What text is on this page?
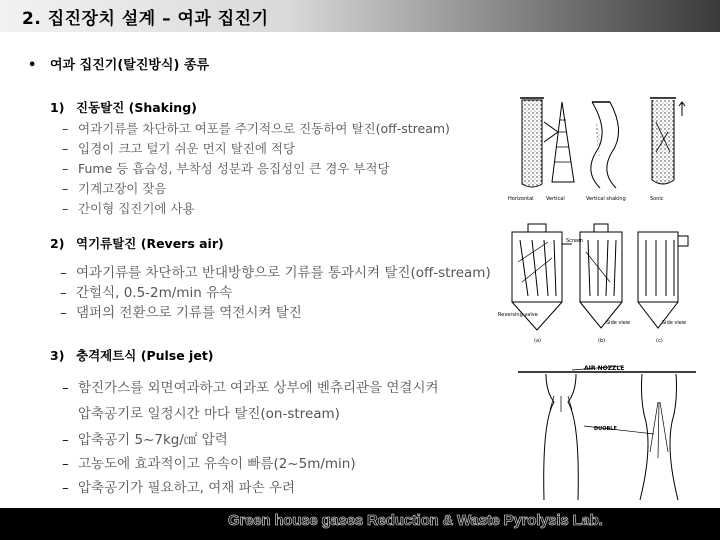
2. 집진장치 설계 – 여과 집진기
• 여과 집진기(탈진방식) 종류
1) 진동탈진 (Shaking)
– 여과기류를 차단하고 여포를 주기적으로 진동하여 탈진(off-stream)
– 입경이 크고 털기 쉬운 먼지 탈진에 적당
– Fume 등 흡습성, 부착성 성분과 응집성인 큰 경우 부적당
– 기계고장이 잦음
– 간이형 집진기에 사용
2) 역기류탈진 (Revers air)
– 여과기류를 차단하고 반대방향으로 기류를 통과시켜 탈진(off-stream)
– 간헐식, 0.5-2m/min 유속
– 댐퍼의 전환으로 기류를 역전시켜 탈진
3) 충격제트식 (Pulse jet)
– 함진가스를 외면여과하고 여과포 상부에 벤츄리관을 연결시켜
압축공기로 일정시간 마다 탈진(on-stream)
– 압축공기 5~7kg/㎠ 압력
– 고농도에 효과적이고 유속이 빠름(2~5m/min)
– 압축공기가 필요하고, 여재 파손 우려
Horizontal Vertical	Vertical shaking	Sonic
Screen
Reversing valve
Side view	Side view
(a)	(b)	(c)
AIR NOZZLE
DUOBLE
Green house gases Reduction & Waste Pyrolysis Lab.
